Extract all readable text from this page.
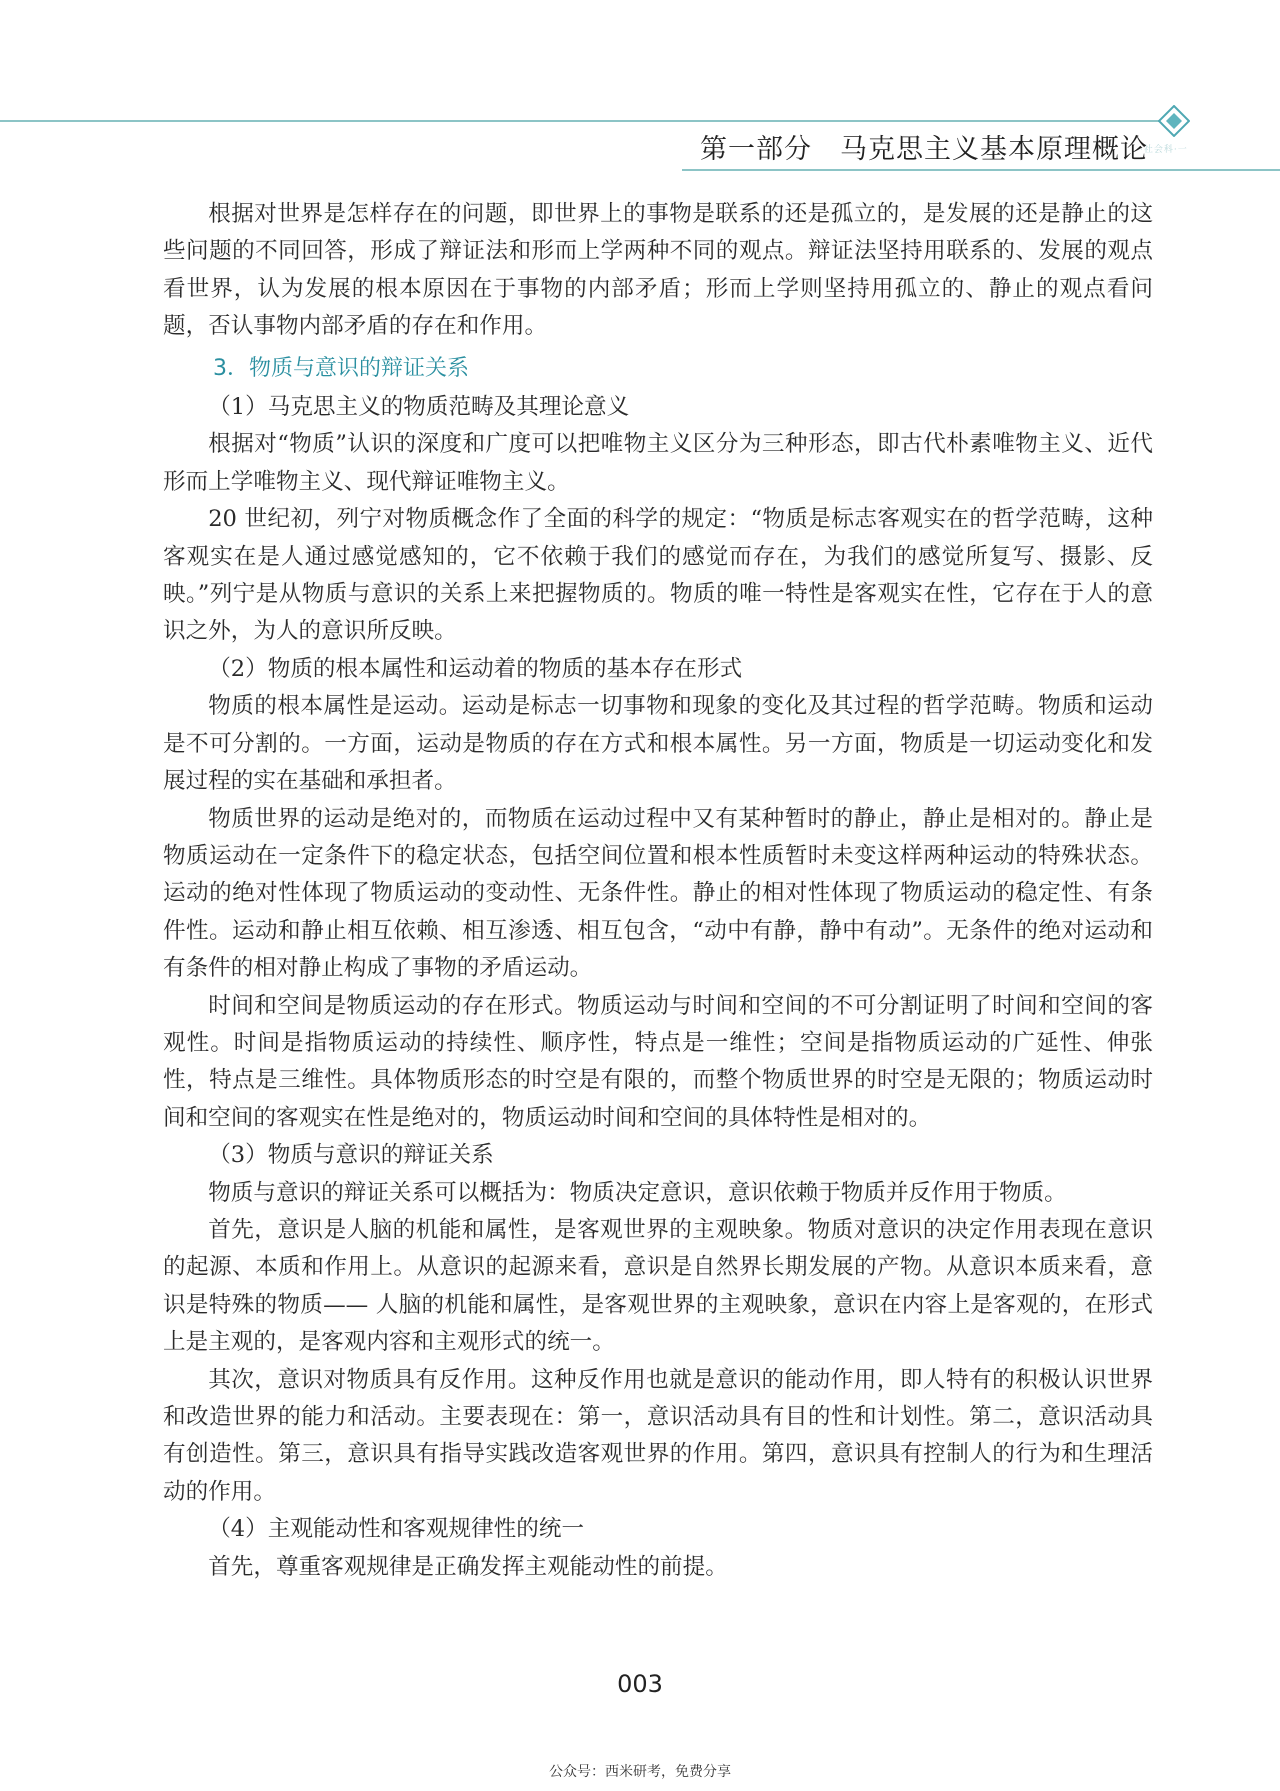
第一部分　马克思主义基本原理概论
·社会科·一

根据对世界是怎样存在的问题，即世界上的事物是联系的还是孤立的，是发展的还是静止的这些问题的不同回答，形成了辩证法和形而上学两种不同的观点。辩证法坚持用联系的、发展的观点看世界，认为发展的根本原因在于事物的内部矛盾；形而上学则坚持用孤立的、静止的观点看问题，否认事物内部矛盾的存在和作用。

3．物质与意识的辩证关系

（1）马克思主义的物质范畴及其理论意义

根据对“物质”认识的深度和广度可以把唯物主义区分为三种形态，即古代朴素唯物主义、近代形而上学唯物主义、现代辩证唯物主义。

20 世纪初，列宁对物质概念作了全面的科学的规定：“物质是标志客观实在的哲学范畴，这种客观实在是人通过感觉感知的，它不依赖于我们的感觉而存在，为我们的感觉所复写、摄影、反映。”列宁是从物质与意识的关系上来把握物质的。物质的唯一特性是客观实在性，它存在于人的意识之外，为人的意识所反映。

（2）物质的根本属性和运动着的物质的基本存在形式

物质的根本属性是运动。运动是标志一切事物和现象的变化及其过程的哲学范畴。物质和运动是不可分割的。一方面，运动是物质的存在方式和根本属性。另一方面，物质是一切运动变化和发展过程的实在基础和承担者。

物质世界的运动是绝对的，而物质在运动过程中又有某种暂时的静止，静止是相对的。静止是物质运动在一定条件下的稳定状态，包括空间位置和根本性质暂时未变这样两种运动的特殊状态。运动的绝对性体现了物质运动的变动性、无条件性。静止的相对性体现了物质运动的稳定性、有条件性。运动和静止相互依赖、相互渗透、相互包含，“动中有静，静中有动”。无条件的绝对运动和有条件的相对静止构成了事物的矛盾运动。

时间和空间是物质运动的存在形式。物质运动与时间和空间的不可分割证明了时间和空间的客观性。时间是指物质运动的持续性、顺序性，特点是一维性；空间是指物质运动的广延性、伸张性，特点是三维性。具体物质形态的时空是有限的，而整个物质世界的时空是无限的；物质运动时间和空间的客观实在性是绝对的，物质运动时间和空间的具体特性是相对的。

（3）物质与意识的辩证关系

物质与意识的辩证关系可以概括为：物质决定意识，意识依赖于物质并反作用于物质。

首先，意识是人脑的机能和属性，是客观世界的主观映象。物质对意识的决定作用表现在意识的起源、本质和作用上。从意识的起源来看，意识是自然界长期发展的产物。从意识本质来看，意识是特殊的物质—— 人脑的机能和属性，是客观世界的主观映象，意识在内容上是客观的，在形式上是主观的，是客观内容和主观形式的统一。

其次，意识对物质具有反作用。这种反作用也就是意识的能动作用，即人特有的积极认识世界和改造世界的能力和活动。主要表现在：第一，意识活动具有目的性和计划性。第二，意识活动具有创造性。第三，意识具有指导实践改造客观世界的作用。第四，意识具有控制人的行为和生理活动的作用。

（4）主观能动性和客观规律性的统一

首先，尊重客观规律是正确发挥主观能动性的前提。

003
公众号：西米研考，免费分享
